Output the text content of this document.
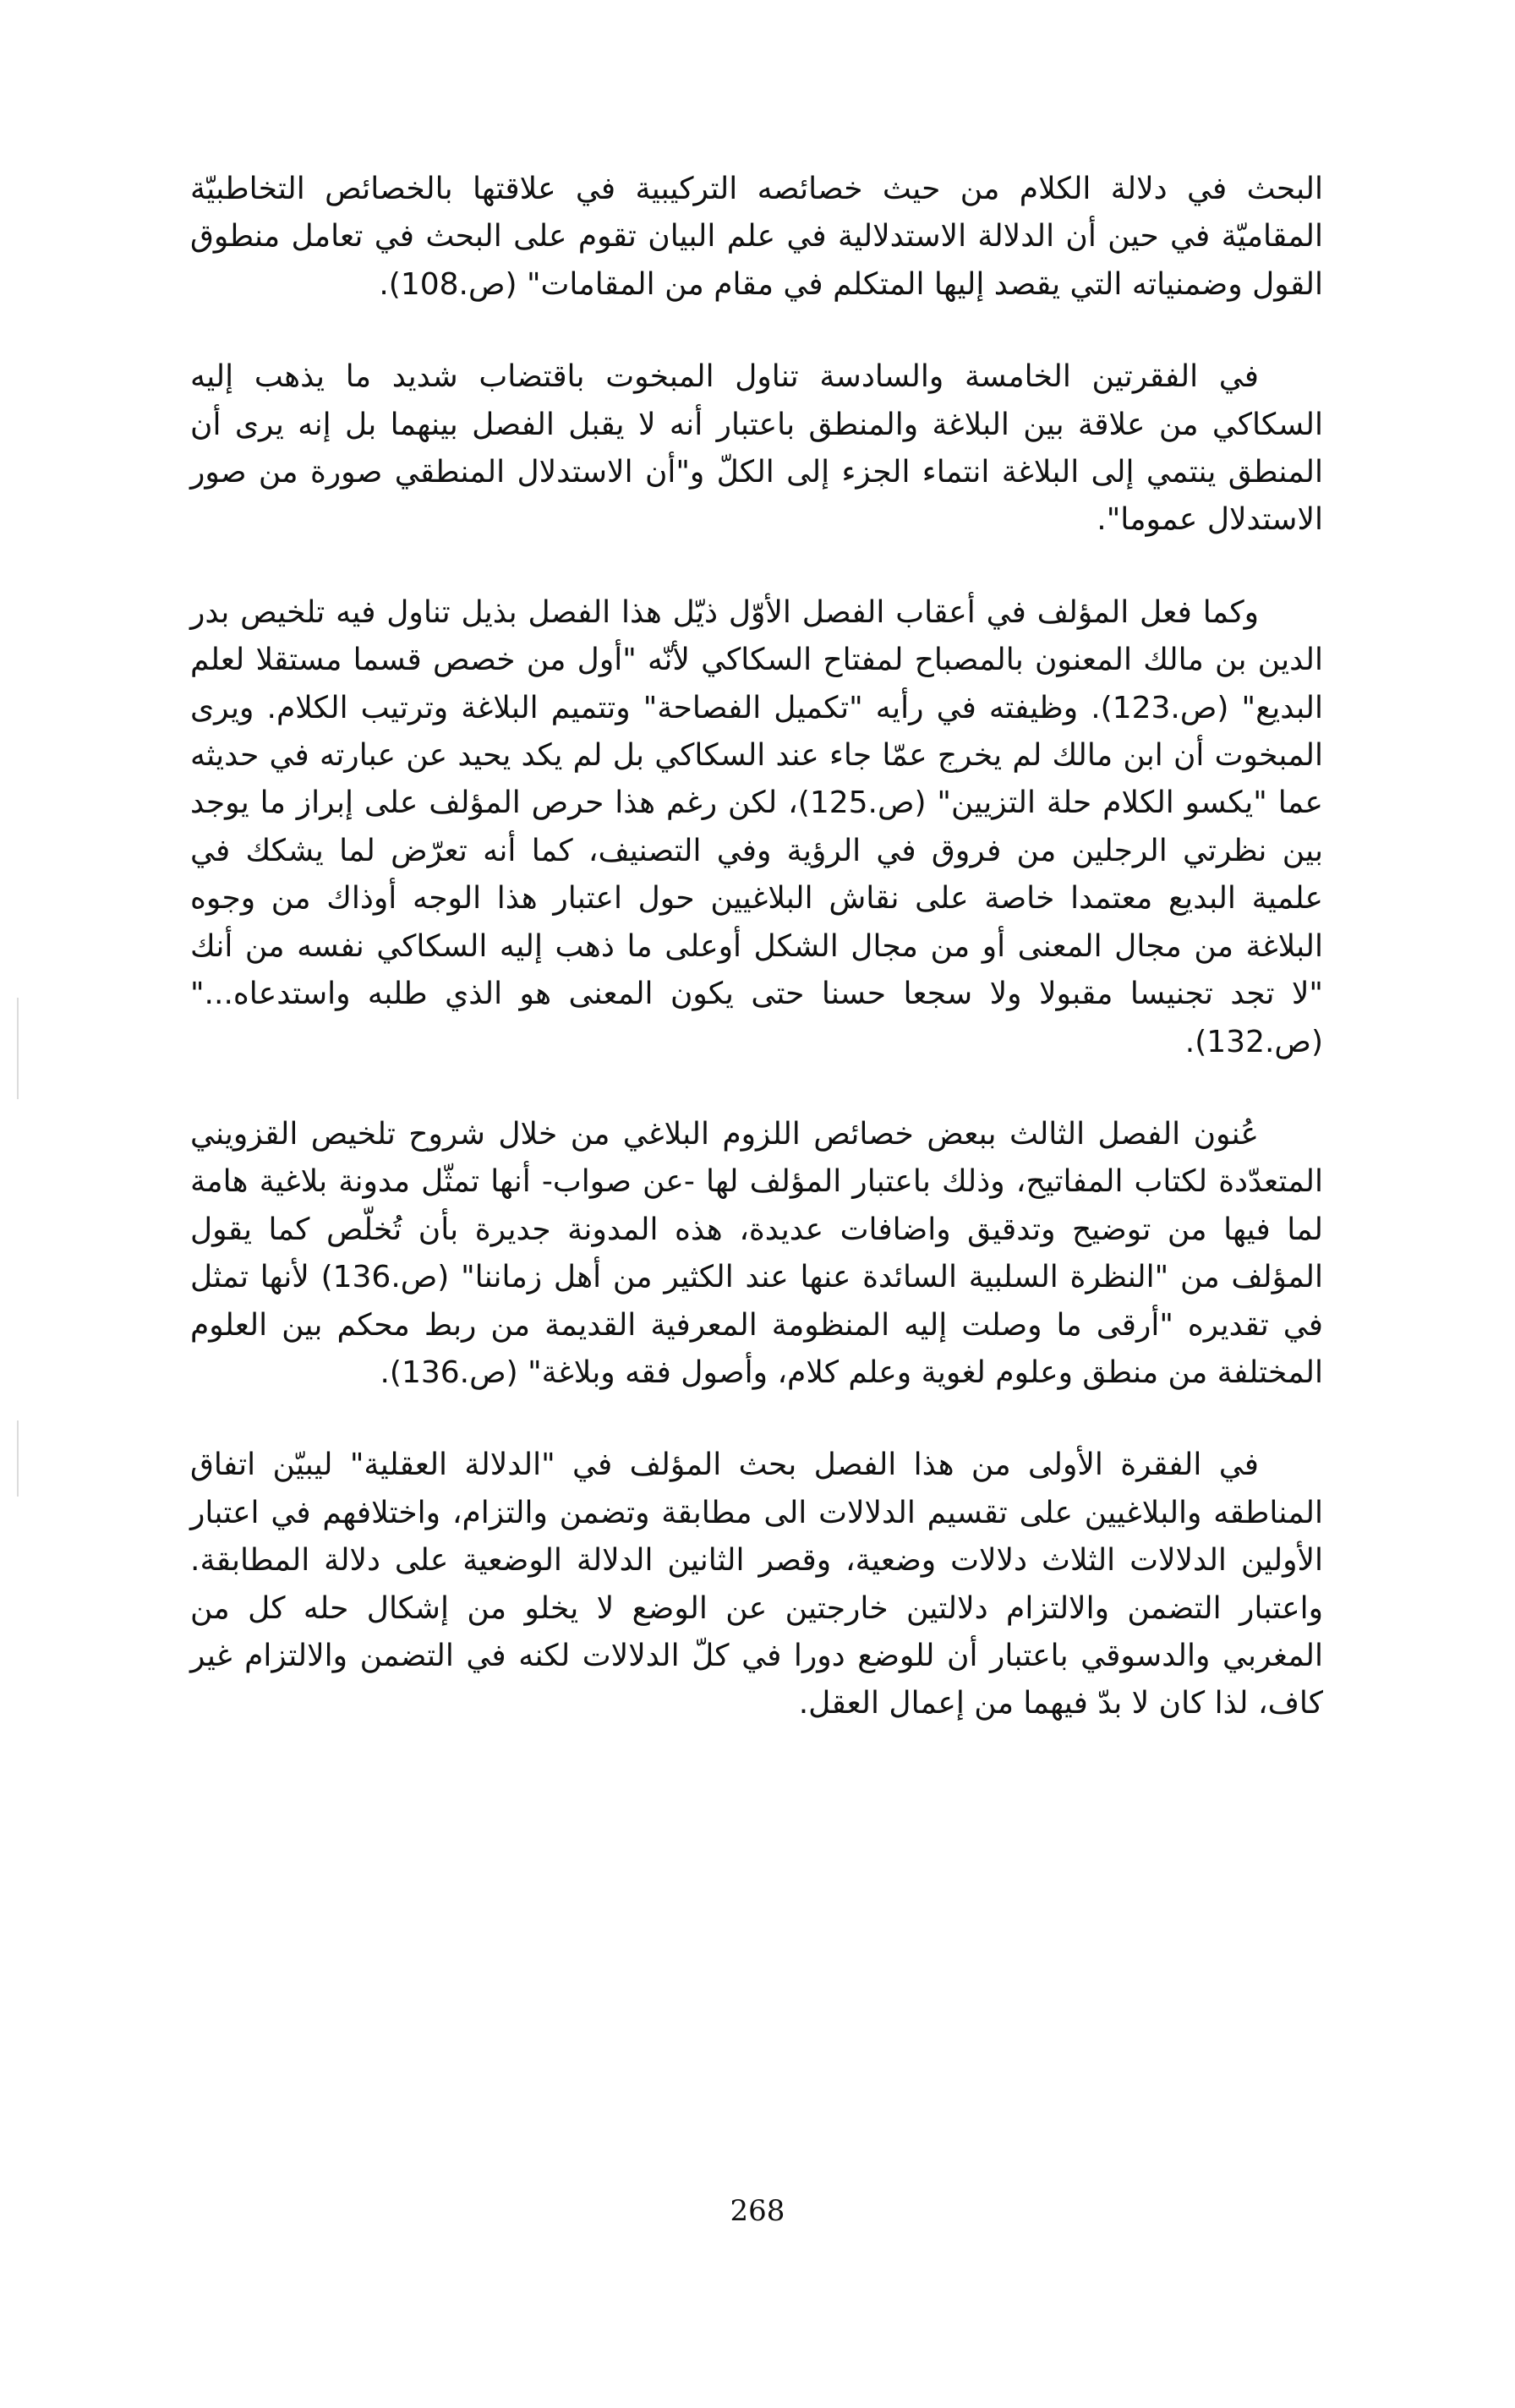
البحث في دلالة الكلام من حيث خصائصه التركيبية في علاقتها بالخصائص التخاطبيّة المقاميّة في حين أن الدلالة الاستدلالية في علم البيان تقوم على البحث في تعامل منطوق القول وضمنياته التي يقصد إليها المتكلم في مقام من المقامات" (ص.108).

في الفقرتين الخامسة والسادسة تناول المبخوت باقتضاب شديد ما يذهب إليه السكاكي من علاقة بين البلاغة والمنطق باعتبار أنه لا يقبل الفصل بينهما بل إنه يرى أن المنطق ينتمي إلى البلاغة انتماء الجزء إلى الكلّ و"أن الاستدلال المنطقي صورة من صور الاستدلال عموما".

وكما فعل المؤلف في أعقاب الفصل الأوّل ذيّل هذا الفصل بذيل تناول فيه تلخيص بدر الدين بن مالك المعنون بالمصباح لمفتاح السكاكي لأنّه "أول من خصص قسما مستقلا لعلم البديع" (ص.123). وظيفته في رأيه "تكميل الفصاحة" وتتميم البلاغة وترتيب الكلام. ويرى المبخوت أن ابن مالك لم يخرج عمّا جاء عند السكاكي بل لم يكد يحيد عن عبارته في حديثه عما "يكسو الكلام حلة التزيين" (ص.125)، لكن رغم هذا حرص المؤلف على إبراز ما يوجد بين نظرتي الرجلين من فروق في الرؤية وفي التصنيف، كما أنه تعرّض لما يشكك في علمية البديع معتمدا خاصة على نقاش البلاغيين حول اعتبار هذا الوجه أوذاك من وجوه البلاغة من مجال المعنى أو من مجال الشكل أوعلى ما ذهب إليه السكاكي نفسه من أنك "لا تجد تجنيسا مقبولا ولا سجعا حسنا حتى يكون المعنى هو الذي طلبه واستدعاه..." (ص.132).

عُنون الفصل الثالث ببعض خصائص اللزوم البلاغي من خلال شروح تلخيص القزويني المتعدّدة لكتاب المفاتيح، وذلك باعتبار المؤلف لها -عن صواب- أنها تمثّل مدونة بلاغية هامة لما فيها من توضيح وتدقيق واضافات عديدة، هذه المدونة جديرة بأن تُخلّص كما يقول المؤلف من "النظرة السلبية السائدة عنها عند الكثير من أهل زماننا" (ص.136) لأنها تمثل في تقديره "أرقى ما وصلت إليه المنظومة المعرفية القديمة من ربط محكم بين العلوم المختلفة من منطق وعلوم لغوية وعلم كلام، وأصول فقه وبلاغة" (ص.136).

في الفقرة الأولى من هذا الفصل بحث المؤلف في "الدلالة العقلية" ليبيّن اتفاق المناطقه والبلاغيين على تقسيم الدلالات الى مطابقة وتضمن والتزام، واختلافهم في اعتبار الأولين الدلالات الثلاث دلالات وضعية، وقصر الثانين الدلالة الوضعية على دلالة المطابقة. واعتبار التضمن والالتزام دلالتين خارجتين عن الوضع لا يخلو من إشكال حله كل من المغربي والدسوقي باعتبار أن للوضع دورا في كلّ الدلالات لكنه في التضمن والالتزام غير كاف، لذا كان لا بدّ فيهما من إعمال العقل.

268
